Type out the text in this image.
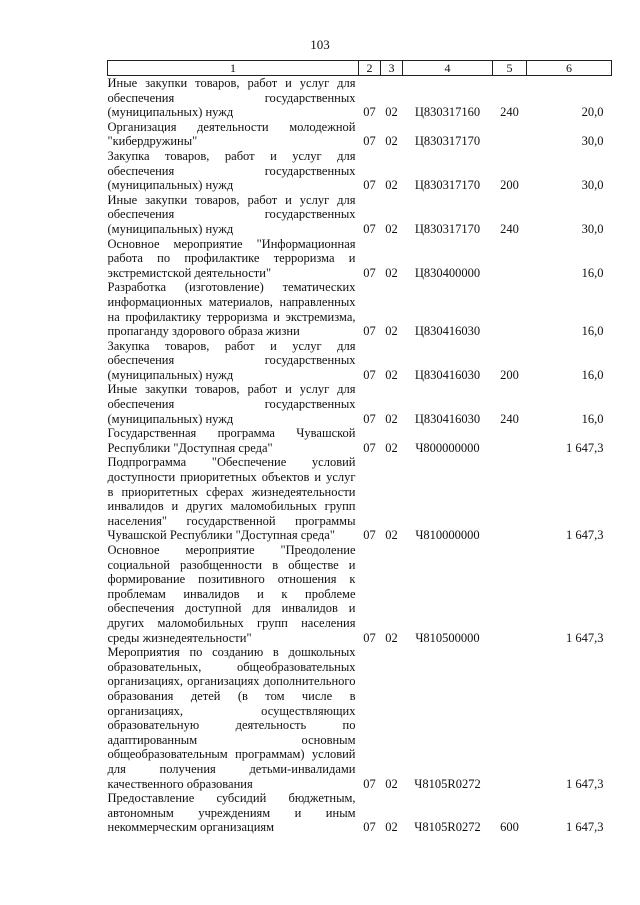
103
1	2	3	4	5	6
Иные закупки товаров, работ и услуг для обеспечения государственных (муниципальных) нужд	07	02	Ц830317160	240	20,0
Организация деятельности молодежной "кибердружины"	07	02	Ц830317170		30,0
Закупка товаров, работ и услуг для обеспечения государственных (муниципальных) нужд	07	02	Ц830317170	200	30,0
Иные закупки товаров, работ и услуг для обеспечения государственных (муниципальных) нужд	07	02	Ц830317170	240	30,0
Основное мероприятие "Информационная работа по профилактике терроризма и экстремистской деятельности"	07	02	Ц830400000		16,0
Разработка (изготовление) тематических информационных материалов, направленных на профилактику терроризма и экстремизма, пропаганду здорового образа жизни	07	02	Ц830416030		16,0
Закупка товаров, работ и услуг для обеспечения государственных (муниципальных) нужд	07	02	Ц830416030	200	16,0
Иные закупки товаров, работ и услуг для обеспечения государственных (муниципальных) нужд	07	02	Ц830416030	240	16,0
Государственная программа Чувашской Республики "Доступная среда"	07	02	Ч800000000		1 647,3
Подпрограмма "Обеспечение условий доступности приоритетных объектов и услуг в приоритетных сферах жизнедеятельности инвалидов и других маломобильных групп населения" государственной программы Чувашской Республики "Доступная среда"	07	02	Ч810000000		1 647,3
Основное мероприятие "Преодоление социальной разобщенности в обществе и формирование позитивного отношения к проблемам инвалидов и к проблеме обеспечения доступной для инвалидов и других маломобильных групп населения среды жизнедеятельности"	07	02	Ч810500000		1 647,3
Мероприятия по созданию в дошкольных образовательных, общеобразовательных организациях, организациях дополнительного образования детей (в том числе в организациях, осуществляющих образовательную деятельность по адаптированным основным общеобразовательным программам) условий для получения детьми-инвалидами качественного образования	07	02	Ч8105R0272		1 647,3
Предоставление субсидий бюджетным, автономным учреждениям и иным некоммерческим организациям	07	02	Ч8105R0272	600	1 647,3
